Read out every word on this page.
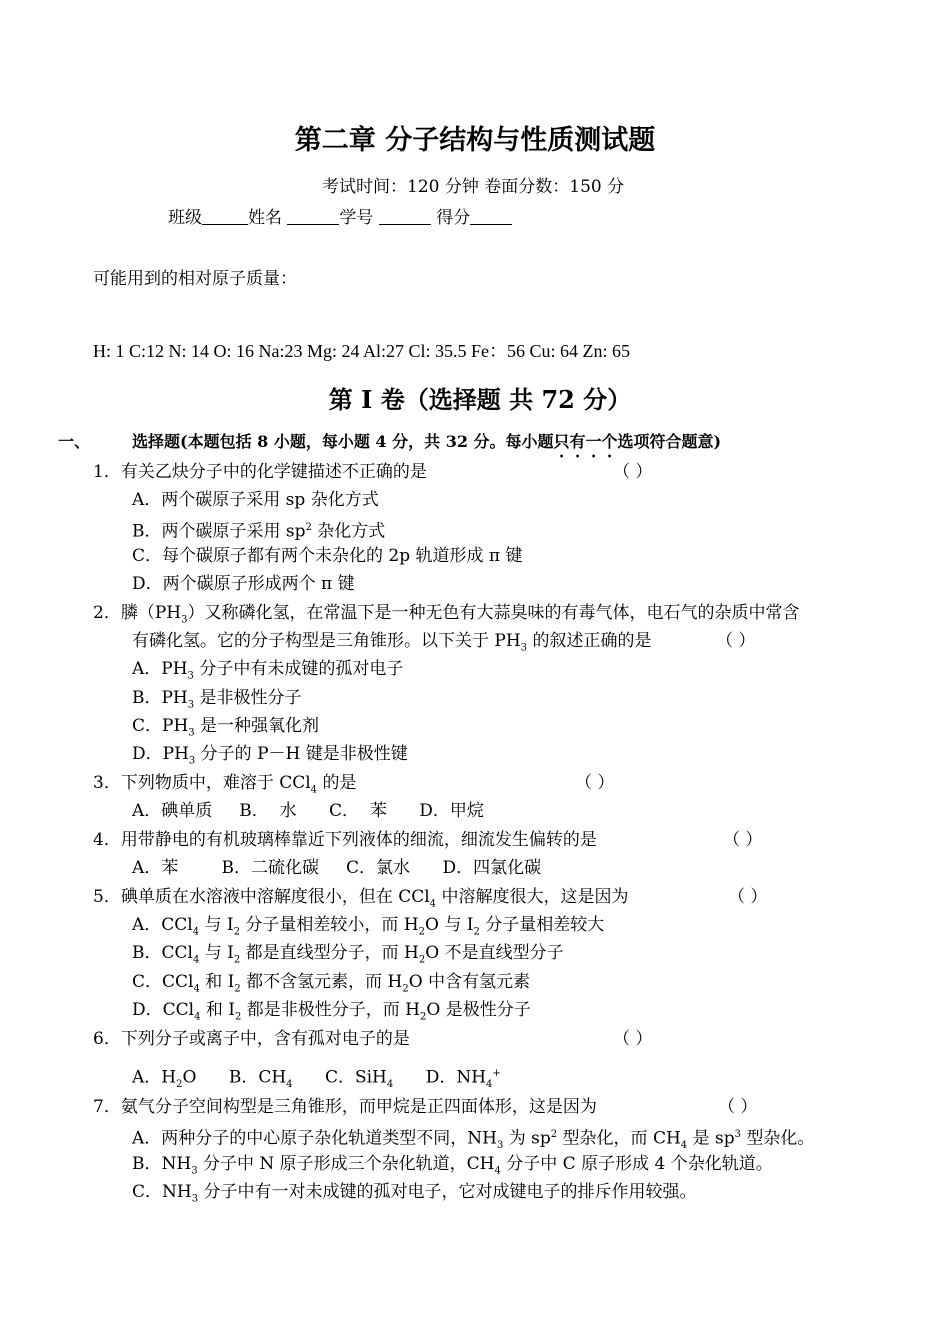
第二章 分子结构与性质测试题
考试时间：120 分钟 卷面分数：150 分
班级	姓名	学号	得分
可能用到的相对原子质量：
H: 1 C:12 N: 14 O: 16 Na:23 Mg: 24 Al:27 Cl: 35.5 Fe：56 Cu: 64 Zn: 65
第 Ⅰ 卷（选择题 共 72 分）
一、	选择题(本题包括 8 小题，每小题 4 分，共 32 分。每小题只有一个选项符合题意)
1．有关乙炔分子中的化学键描述不正确的是	（ ）
A．两个碳原子采用 sp 杂化方式
B．两个碳原子采用 $sp^2$ 杂化方式
C．每个碳原子都有两个未杂化的 2p 轨道形成 π 键
D．两个碳原子形成两个 π 键
2．膦$(PH_3)$又称磷化氢，在常温下是一种无色有大蒜臭味的有毒气体，电石气的杂质中常含
有磷化氢。它的分子构型是三角锥形。以下关于 $PH_3$ 的叙述正确的是	（ ）
A．$PH_3$ 分子中有未成键的孤对电子
B．$PH_3$ 是非极性分子
C．$PH_3$ 是一种强氧化剂
D．$PH_3$ 分子的 P－H 键是非极性键
3．下列物质中，难溶于 CCl$_4$ 的是	（ ）
A．碘单质     B．  水      C．  苯      D．甲烷
4．用带静电的有机玻璃棒靠近下列液体的细流，细流发生偏转的是	（ ）
A．苯        B．二硫化碳     C．氯水      D．四氯化碳
5．碘单质在水溶液中溶解度很小，但在 CCl$_4$ 中溶解度很大，这是因为	（ ）
A．CCl$_4$ 与 $I_2$ 分子量相差较小，而 $H_2O$ 与 $I_2$ 分子量相差较大
B．CCl$_4$ 与 $I_2$ 都是直线型分子，而 $H_2O$ 不是直线型分子
C．CCl$_4$ 和 $I_2$ 都不含氢元素，而 $H_2O$ 中含有氢元素
D．CCl$_4$ 和 $I_2$ 都是非极性分子，而 $H_2O$ 是极性分子
6．下列分子或离子中，含有孤对电子的是	（ ）
A．$H_2O$      B．$CH_4$      C．SiH$_4$      D．$NH_4^+$
7．氨气分子空间构型是三角锥形，而甲烷是正四面体形，这是因为	（ ）
A．两种分子的中心原子杂化轨道类型不同，$NH_3$ 为 $sp^2$ 型杂化，而 $CH_4$ 是 $sp^3$ 型杂化。
B．$NH_3$ 分子中 N 原子形成三个杂化轨道，$CH_4$ 分子中 C 原子形成 4 个杂化轨道。
C．$NH_3$ 分子中有一对未成键的孤对电子，它对成键电子的排斥作用较强。
